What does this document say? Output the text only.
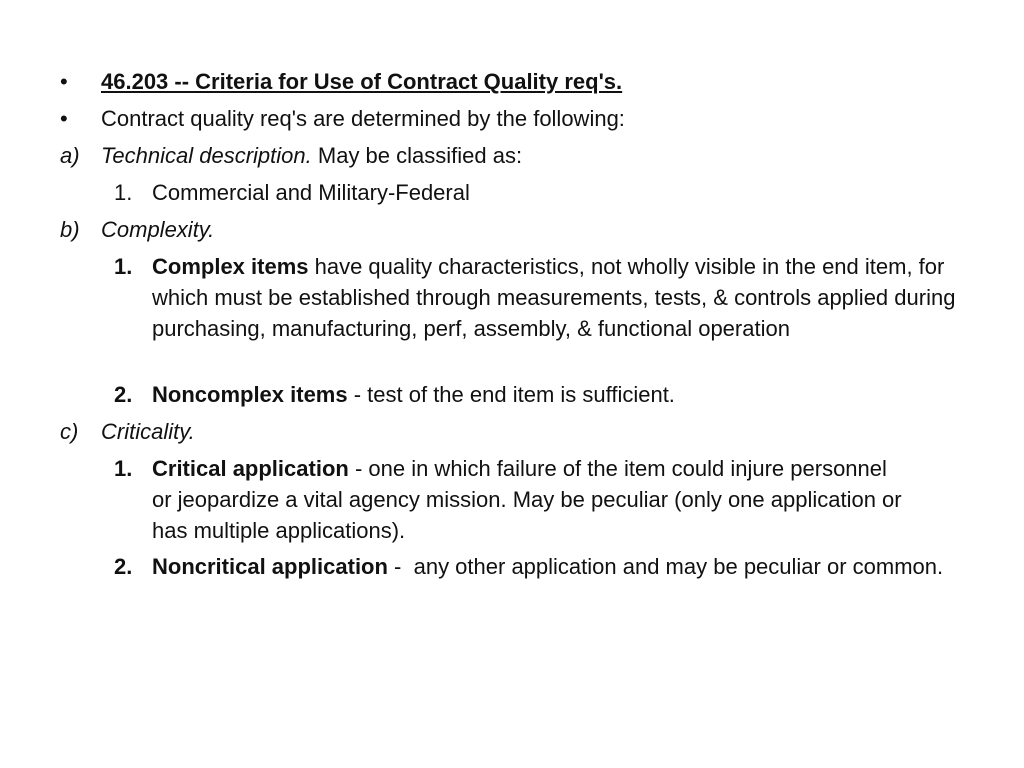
• 46.203 -- Criteria for Use of Contract Quality req's.
• Contract quality req's are determined by the following:
a) Technical description. May be classified as:
1. Commercial and Military-Federal
b) Complexity.
1. Complex items have quality characteristics, not wholly visible in the end item, for which must be established through measurements, tests, & controls applied during purchasing, manufacturing, perf, assembly, & functional operation
2. Noncomplex items - test of the end item is sufficient.
c) Criticality.
1. Critical application - one in which failure of the item could injure personnel or jeopardize a vital agency mission. May be peculiar (only one application or has multiple applications).
2. Noncritical application -  any other application and may be peculiar or common.
